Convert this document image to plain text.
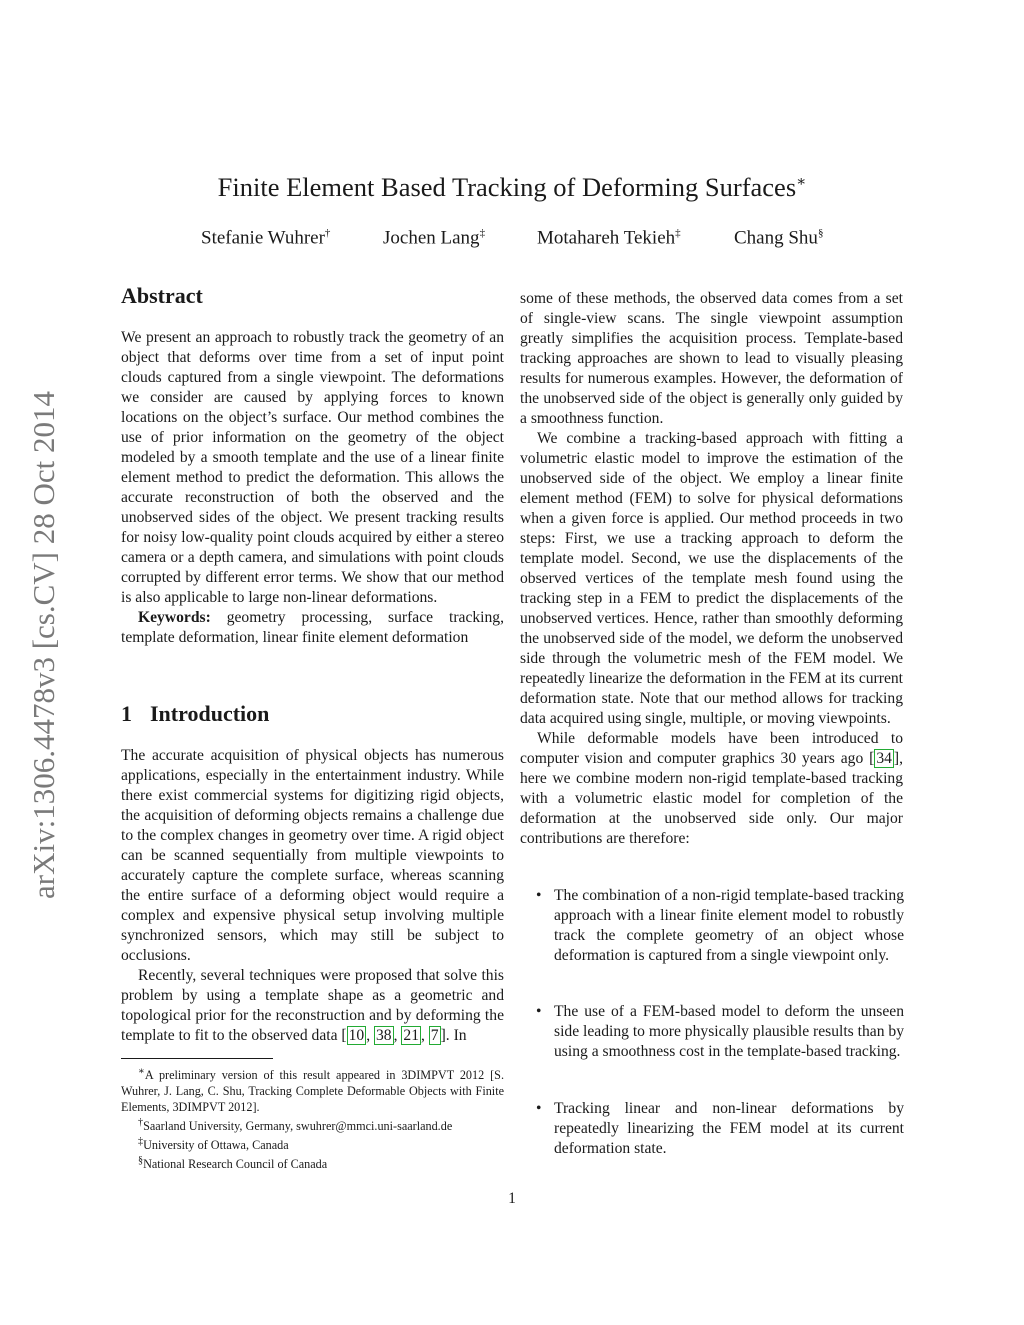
arXiv:1306.4478v3 [cs.CV] 28 Oct 2014
Finite Element Based Tracking of Deforming Surfaces∗
Stefanie Wuhrer†	Jochen Lang‡	Motahareh Tekieh‡	Chang Shu§
Abstract

We present an approach to robustly track the geometry of an object that deforms over time from a set of input point clouds captured from a single viewpoint. The deformations we consider are caused by applying forces to known locations on the object’s surface. Our method combines the use of prior information on the geometry of the object modeled by a smooth template and the use of a linear finite element method to predict the deformation. This allows the accurate reconstruction of both the observed and the unobserved sides of the object. We present tracking results for noisy low-quality point clouds acquired by either a stereo camera or a depth camera, and simulations with point clouds corrupted by different error terms. We show that our method is also applicable to large non-linear deformations.

Keywords: geometry processing, surface tracking, template deformation, linear finite element deformation

1 Introduction

The accurate acquisition of physical objects has numerous applications, especially in the entertainment industry. While there exist commercial systems for digitizing rigid objects, the acquisition of deforming objects remains a challenge due to the complex changes in geometry over time. A rigid object can be scanned sequentially from multiple viewpoints to accurately capture the complete surface, whereas scanning the entire surface of a deforming object would require a complex and expensive physical setup involving multiple synchronized sensors, which may still be subject to occlusions.

Recently, several techniques were proposed that solve this problem by using a template shape as a geometric and topological prior for the reconstruction and by deforming the template to fit to the observed data [ 10 , 38 , 21 , 7 ]. In

∗A preliminary version of this result appeared in 3DIMPVT 2012 [S. Wuhrer, J. Lang, C. Shu, Tracking Complete Deformable Objects with Finite Elements, 3DIMPVT 2012].

†Saarland University, Germany, swuhrer@mmci.uni-saarland.de

‡University of Ottawa, Canada

§National Research Council of Canada

some of these methods, the observed data comes from a set of single-view scans. The single viewpoint assumption greatly simplifies the acquisition process. Template-based tracking approaches are shown to lead to visually pleasing results for numerous examples. However, the deformation of the unobserved side of the object is generally only guided by a smoothness function.

We combine a tracking-based approach with fitting a volumetric elastic model to improve the estimation of the unobserved side of the object. We employ a linear finite element method (FEM) to solve for physical deformations when a given force is applied. Our method proceeds in two steps: First, we use a tracking approach to deform the template model. Second, we use the displacements of the observed vertices of the template mesh found using the tracking step in a FEM to predict the displacements of the unobserved vertices. Hence, rather than smoothly deforming the unobserved side of the model, we deform the unobserved side through the volumetric mesh of the FEM model. We repeatedly linearize the deformation in the FEM at its current deformation state. Note that our method allows for tracking data acquired using single, multiple, or moving viewpoints.

While deformable models have been introduced to computer vision and computer graphics 30 years ago [ 34 ], here we combine modern non-rigid template-based tracking with a volumetric elastic model for completion of the deformation at the unobserved side only. Our major contributions are therefore:

• The combination of a non-rigid template-based tracking approach with a linear finite element model to robustly track the complete geometry of an object whose deformation is captured from a single viewpoint only.
• The use of a FEM-based model to deform the unseen side leading to more physically plausible results than by using a smoothness cost in the template-based tracking.
• Tracking linear and non-linear deformations by repeatedly linearizing the FEM model at its current deformation state.
1
